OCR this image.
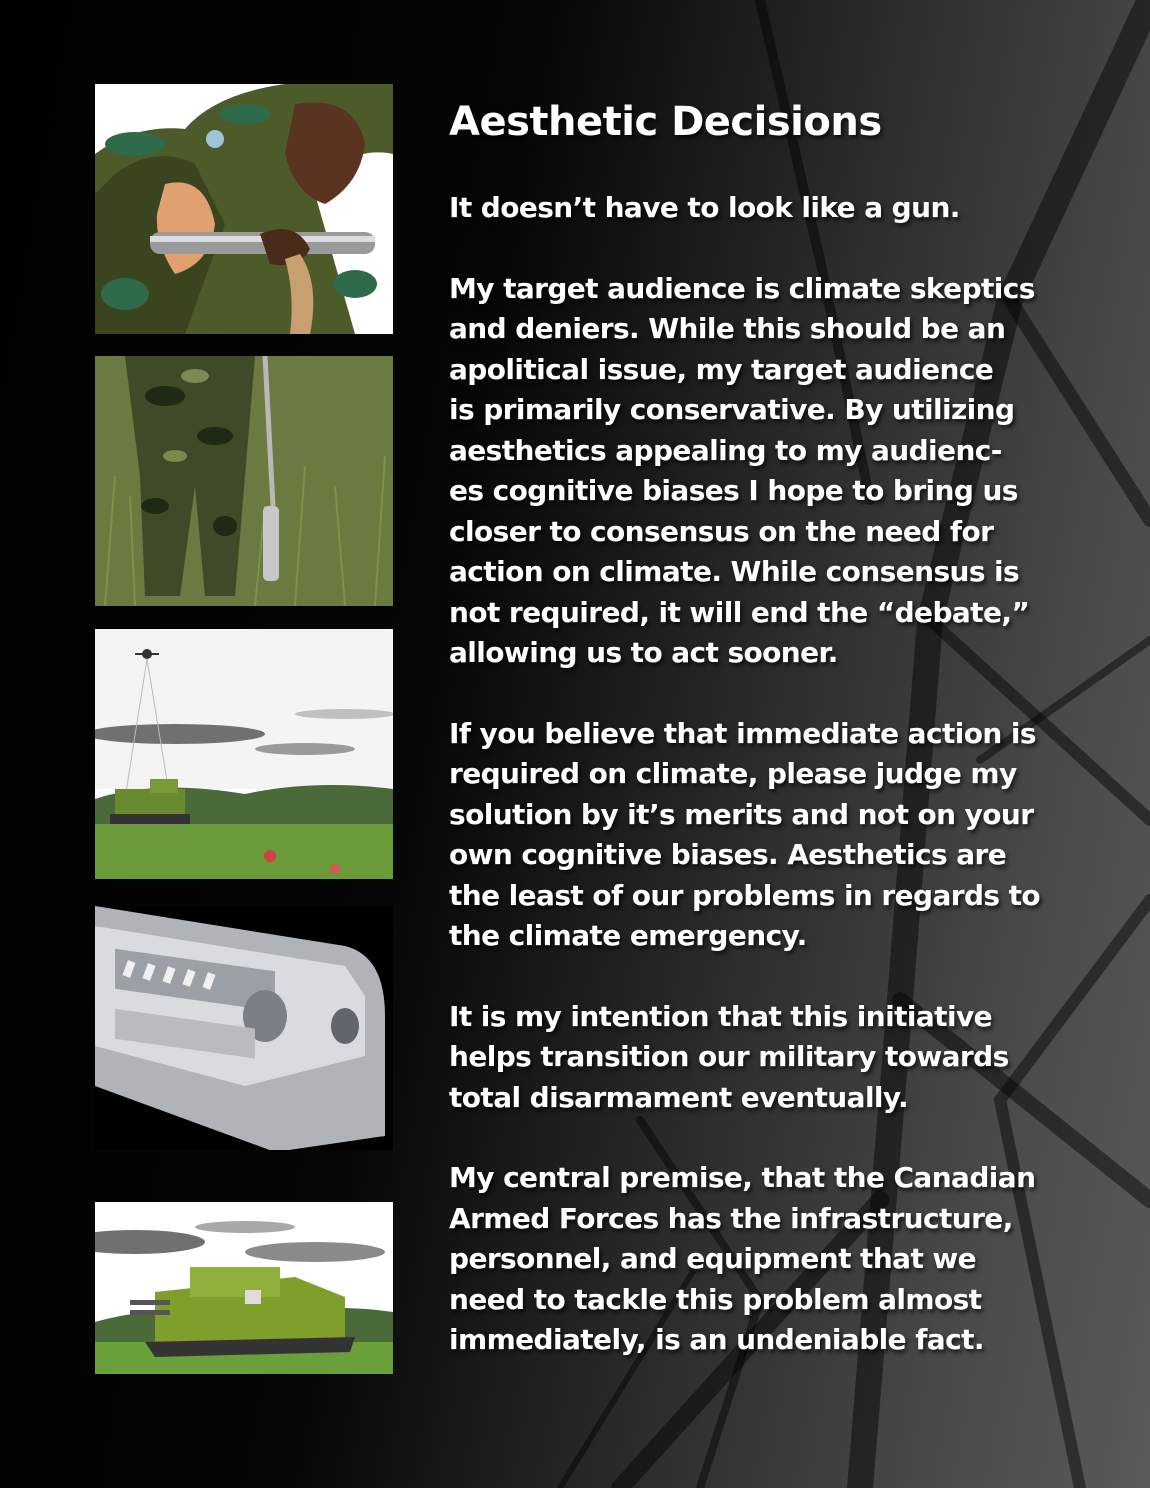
Aesthetic Decisions

It doesn’t have to look like a gun.

My target audience is climate skeptics
and deniers. While this should be an
apolitical issue, my target audience
is primarily conservative. By utilizing
aesthetics appealing to my audienc-
es cognitive biases I hope to bring us
closer to consensus on the need for
action on climate. While consensus is
not required, it will end the “debate,”
allowing us to act sooner.

If you believe that immediate action is
required on climate, please judge my
solution by it’s merits and not on your
own cognitive biases. Aesthetics are
the least of our problems in regards to
the climate emergency.

It is my intention that this initiative
helps transition our military towards
total disarmament eventually.

My central premise, that the Canadian
Armed Forces has the infrastructure,
personnel, and equipment that we
need to tackle this problem almost
immediately, is an undeniable fact.
